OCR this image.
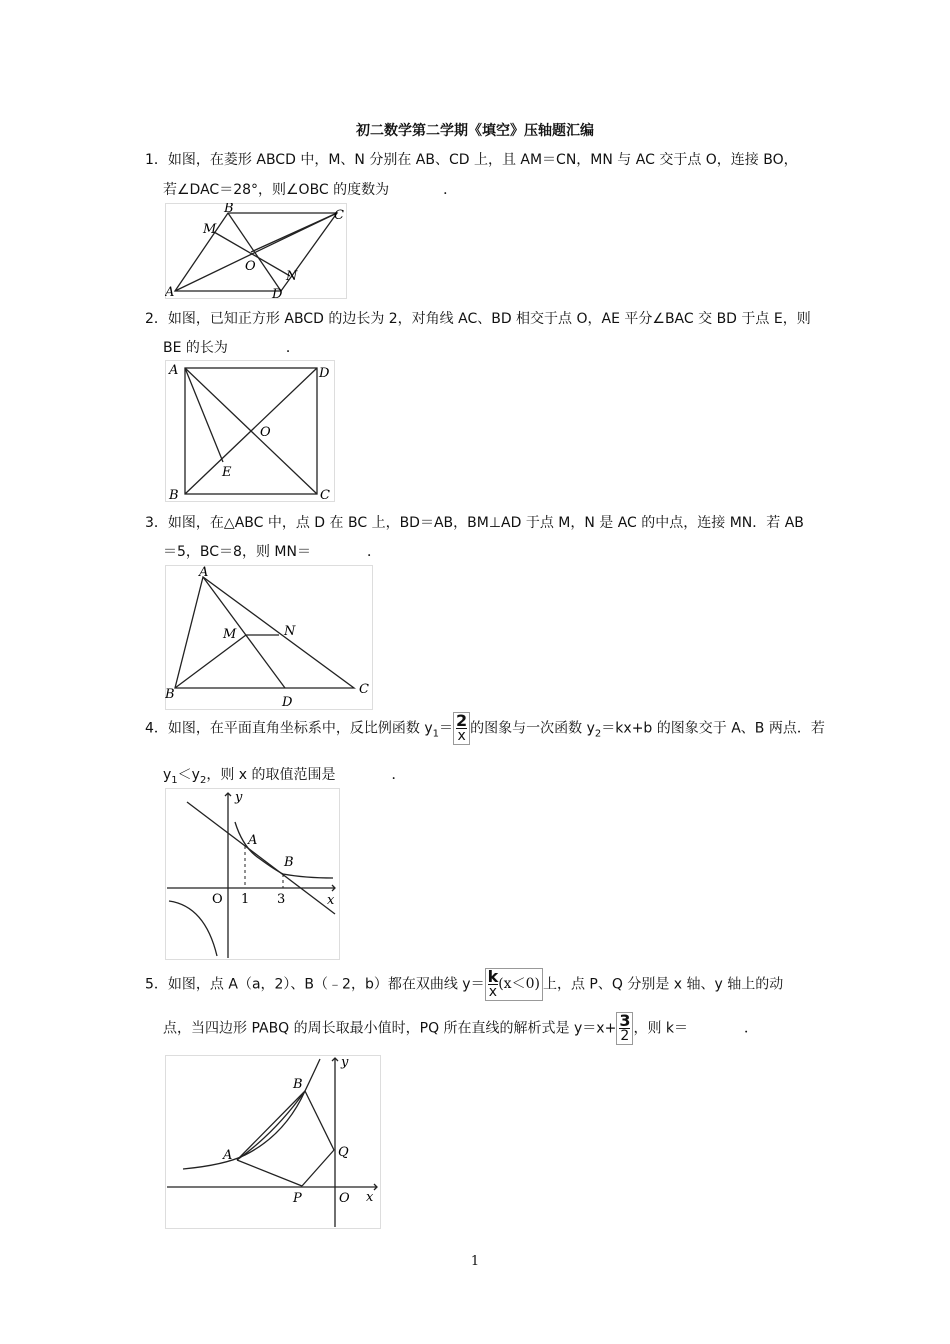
初二数学第二学期《填空》压轴题汇编
1．如图，在菱形 ABCD 中，M、N 分别在 AB、CD 上，且 AM＝CN，MN 与 AC 交于点 O，连接 BO，
若∠DAC＝28°，则∠OBC 的度数为	．
A
B	C
D
M
N
O
2．如图，已知正方形 ABCD 的边长为 2，对角线 AC、BD 相交于点 O，AE 平分∠BAC 交 BD 于点 E，则
BE 的长为	．
A	D
B	C
O
E
3．如图，在△ABC 中，点 D 在 BC 上，BD＝AB，BM⊥AD 于点 M，N 是 AC 的中点，连接 MN．若 AB
＝5，BC＝8，则 MN＝	．
A
B	C
D
M	N
4．如图，在平面直角坐标系中，反比例函数 $y_1= \frac{2}{x}$ 的图象与一次函数 $y_2=kx+b$ 的图象交于 A、B 两点．若
$y_1<y_2$，则 x 的取值范围是	．
y
x
A
B
O 1 3
5．如图，点 A（a，2）、B（﹣2，b）都在双曲线 $y= \frac{k}{x} (x<0)$ 上，点 P、Q 分别是 x 轴、y 轴上的动
点，当四边形 PABQ 的周长取最小值时，PQ 所在直线的解析式是 $y=x+ \frac{3}{2}$ ，则 k＝	．
y
x
A
B
Q
P	O
1
